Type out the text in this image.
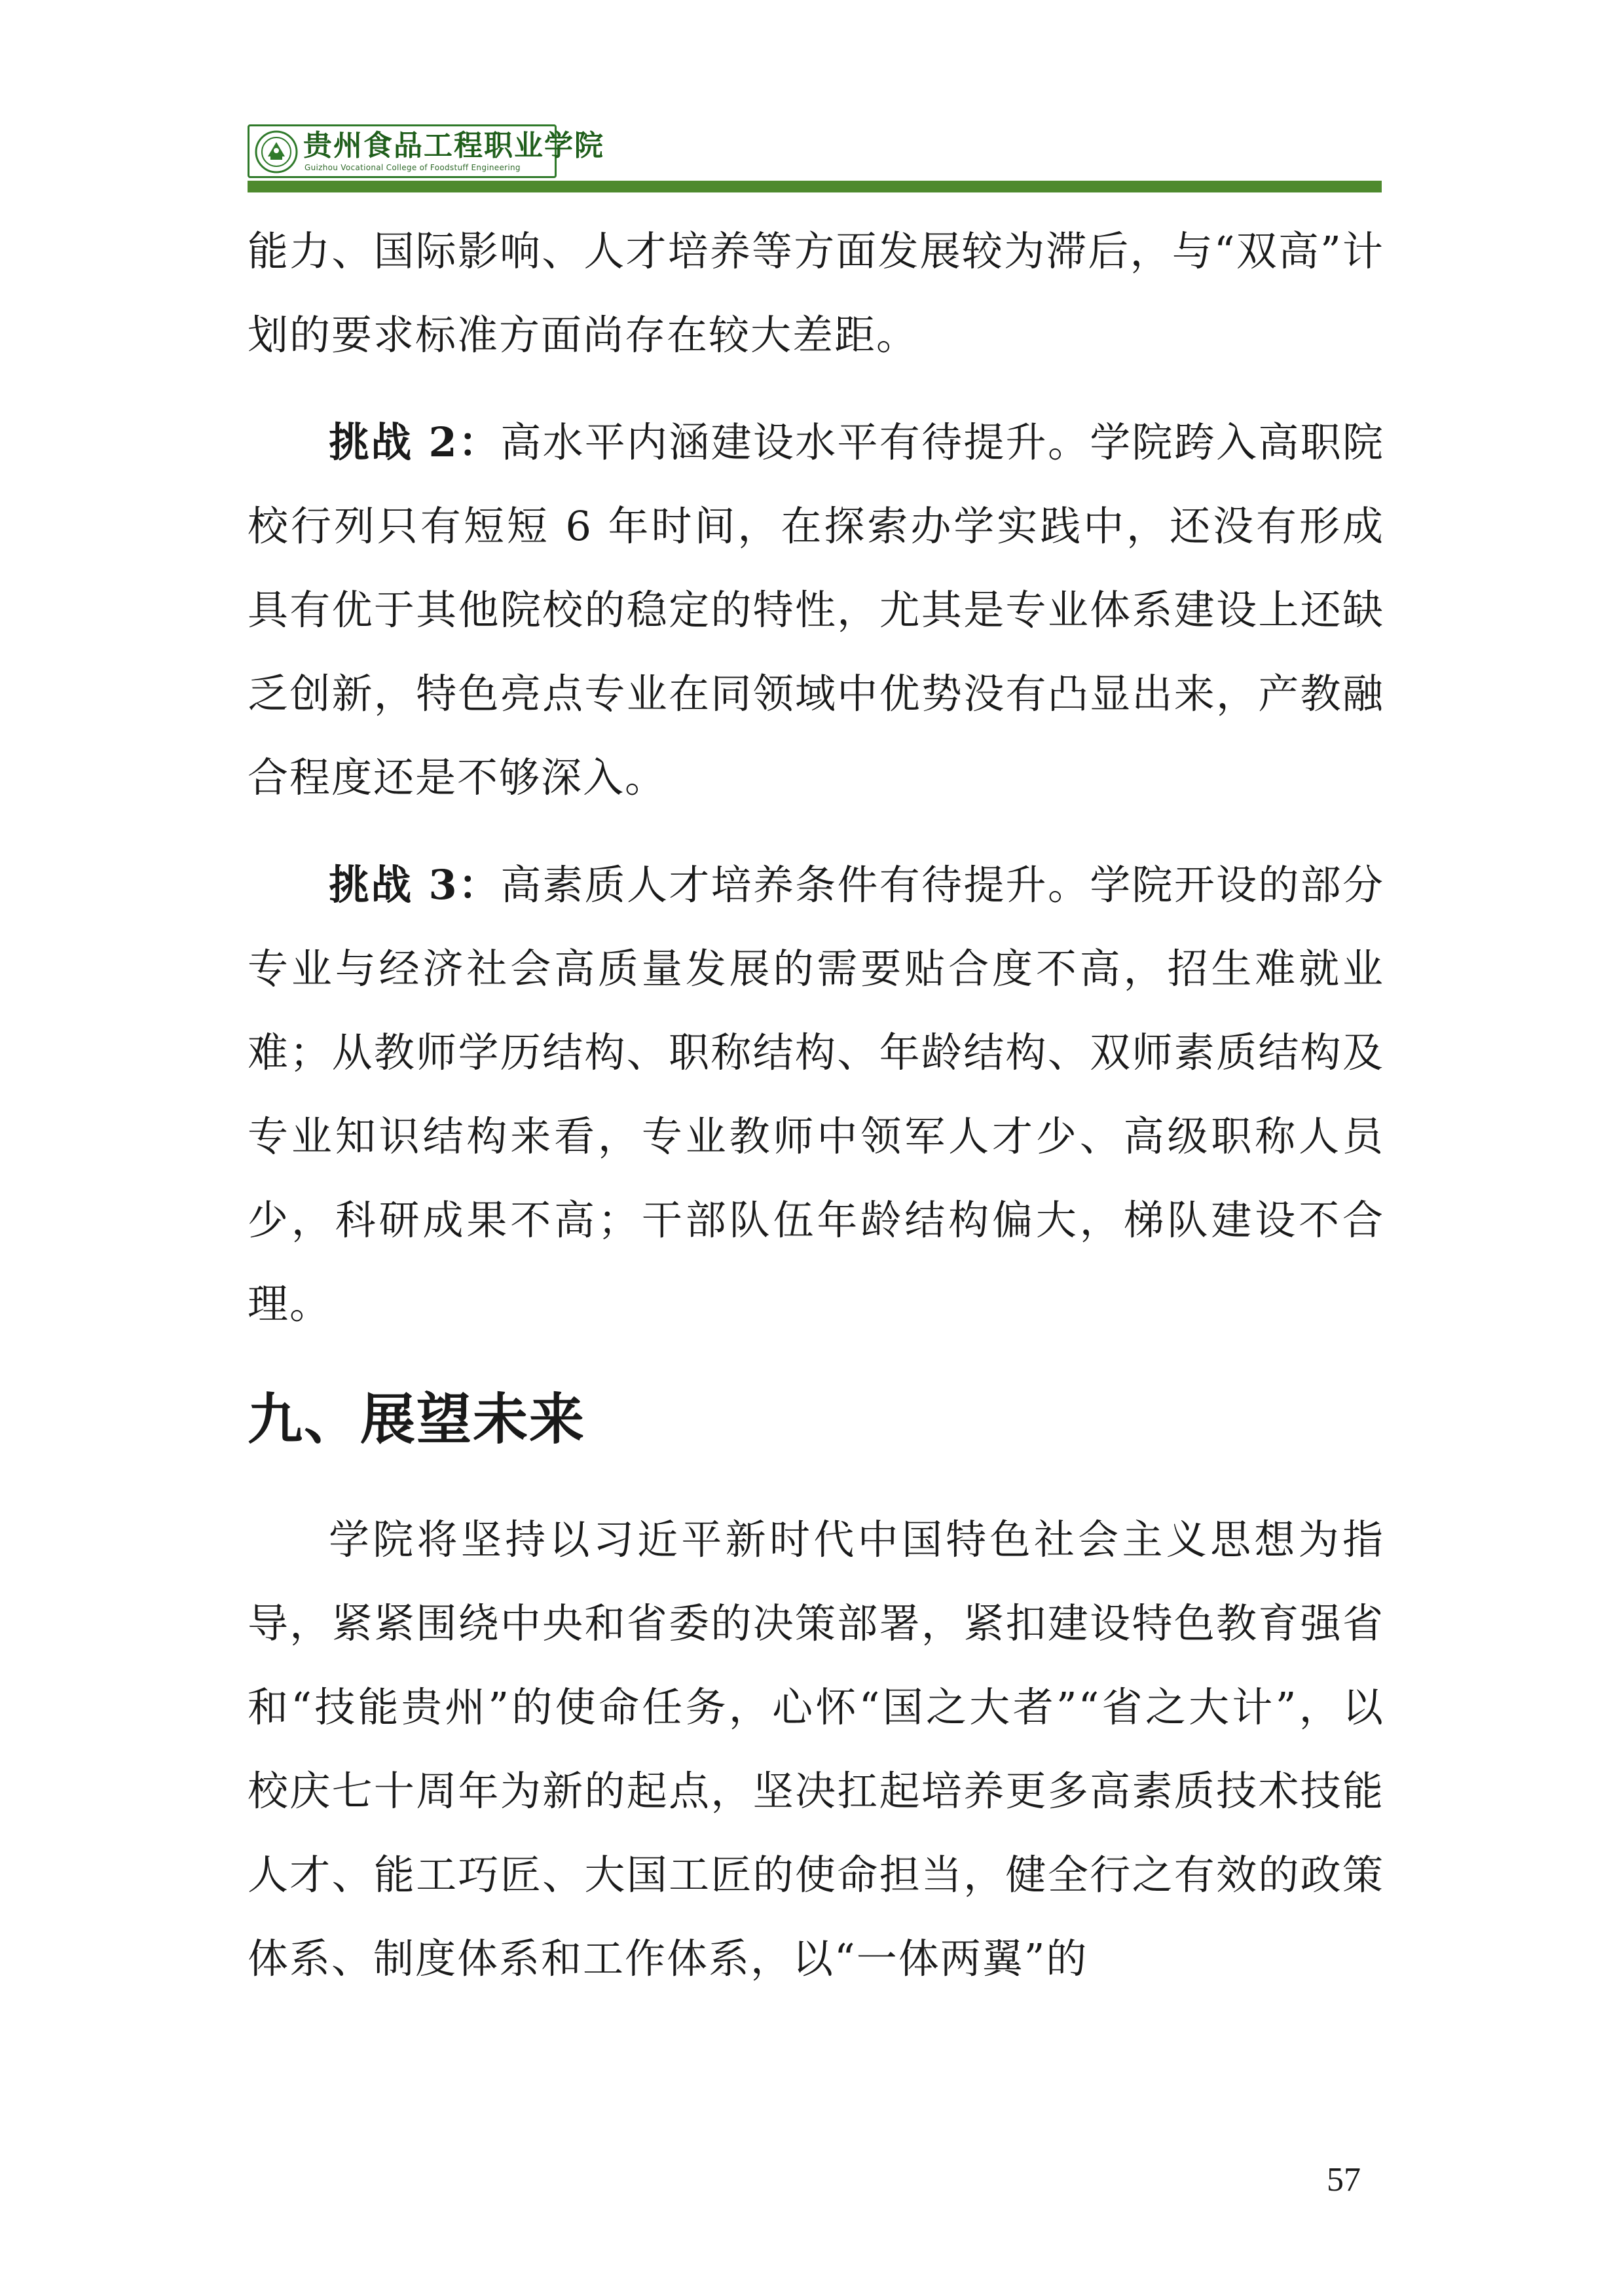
贵州食品工程职业学院
Guizhou Vocational College of Foodstuff Engineering

能力、国际影响、人才培养等方面发展较为滞后，与“双高”计划的要求标准方面尚存在较大差距。

挑战 2：高水平内涵建设水平有待提升。学院跨入高职院校行列只有短短 6 年时间，在探索办学实践中，还没有形成具有优于其他院校的稳定的特性，尤其是专业体系建设上还缺乏创新，特色亮点专业在同领域中优势没有凸显出来，产教融合程度还是不够深入。

挑战 3：高素质人才培养条件有待提升。学院开设的部分专业与经济社会高质量发展的需要贴合度不高，招生难就业难；从教师学历结构、职称结构、年龄结构、双师素质结构及专业知识结构来看，专业教师中领军人才少、高级职称人员少，科研成果不高；干部队伍年龄结构偏大，梯队建设不合理。

九、展望未来

学院将坚持以习近平新时代中国特色社会主义思想为指导，紧紧围绕中央和省委的决策部署，紧扣建设特色教育强省和“技能贵州”的使命任务，心怀“国之大者”“省之大计”，以校庆七十周年为新的起点，坚决扛起培养更多高素质技术技能人才、能工巧匠、大国工匠的使命担当，健全行之有效的政策体系、制度体系和工作体系，以“一体两翼”的

57
